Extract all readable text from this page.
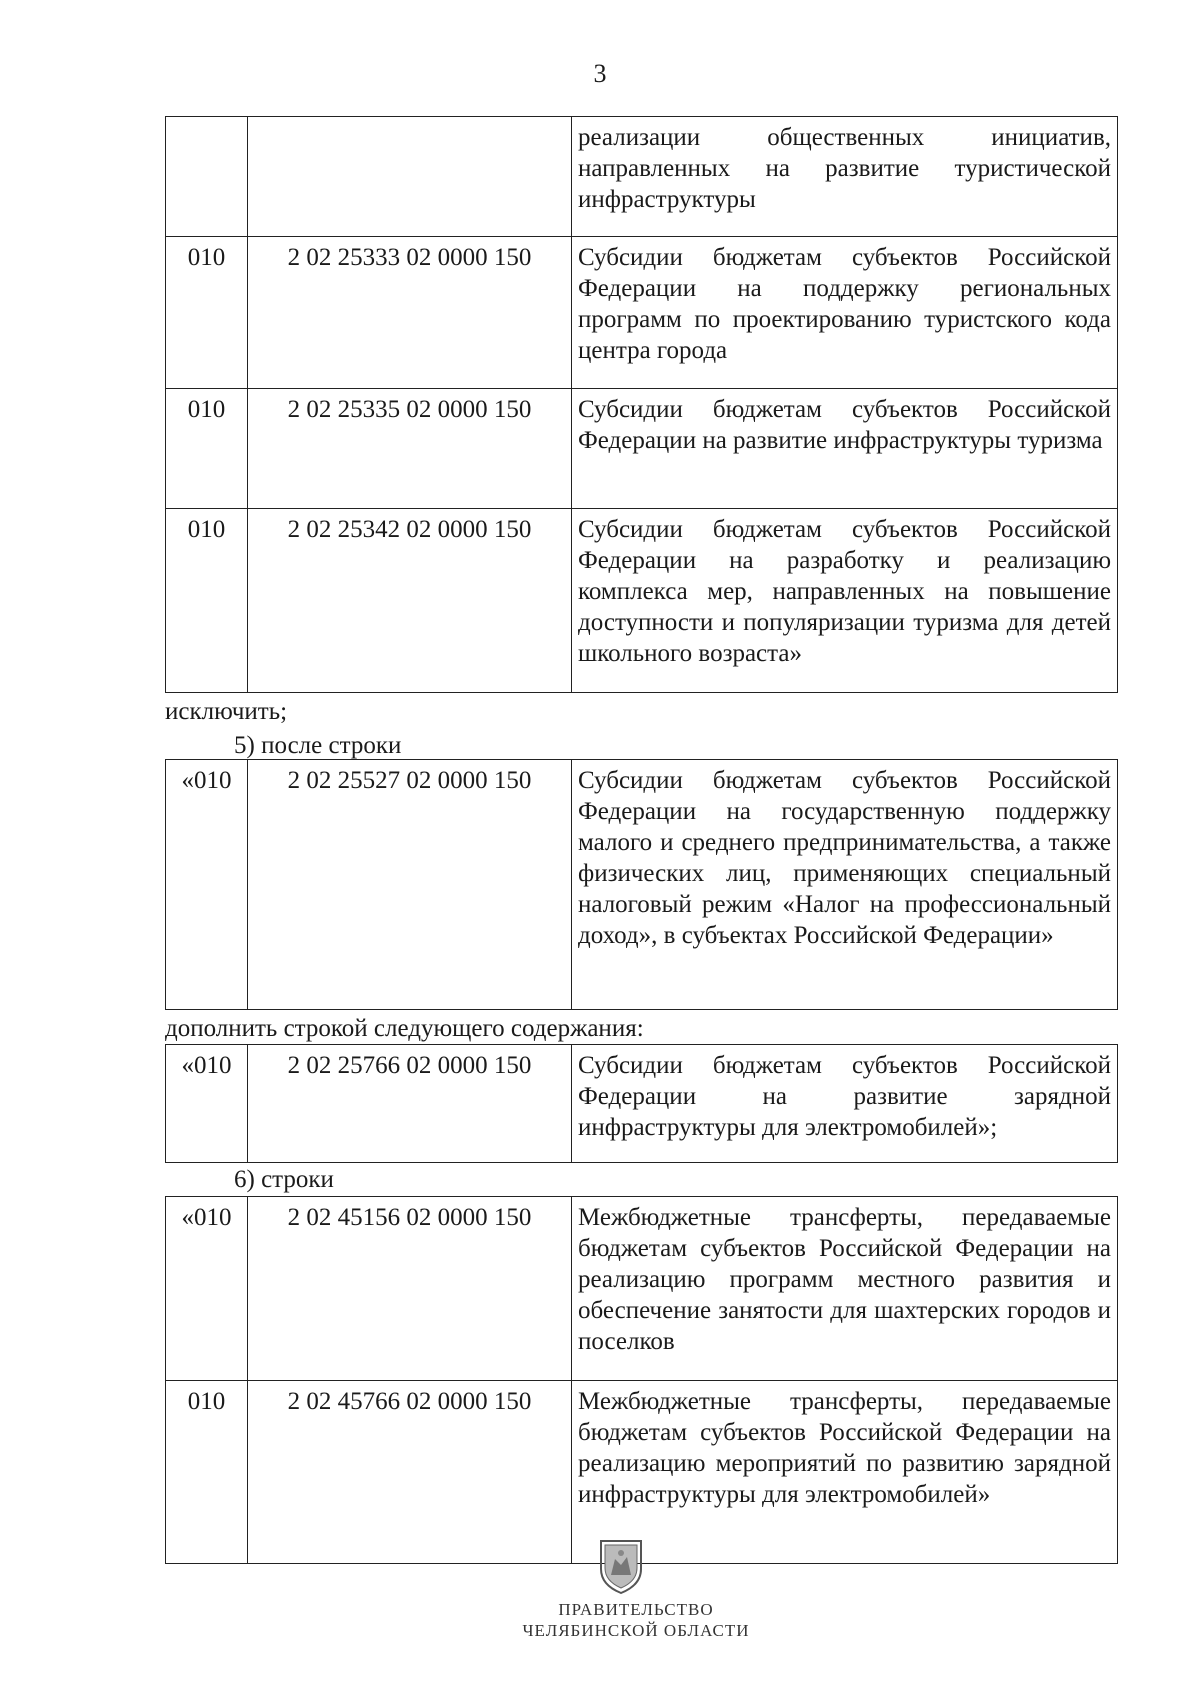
3
		реализации общественных инициатив, направленных на развитие туристической инфраструктуры
010	2 02 25333 02 0000 150	Субсидии бюджетам субъектов Российской Федерации на поддержку региональных программ по проектированию туристского кода центра города
010	2 02 25335 02 0000 150	Субсидии бюджетам субъектов Российской Федерации на развитие инфраструктуры туризма
010	2 02 25342 02 0000 150	Субсидии бюджетам субъектов Российской Федерации на разработку и реализацию комплекса мер, направленных на повышение доступности и популяризации туризма для детей школьного возраста»
исключить;
5) после строки
«010	2 02 25527 02 0000 150	Субсидии бюджетам субъектов Российской Федерации на государственную поддержку малого и среднего предпринимательства, а также физических лиц, применяющих специальный налоговый режим «Налог на профессиональный доход», в субъектах Российской Федерации»
дополнить строкой следующего содержания:
«010	2 02 25766 02 0000 150	Субсидии бюджетам субъектов Российской Федерации на развитие зарядной инфраструктуры для электромобилей»;
6) строки
«010	2 02 45156 02 0000 150	Межбюджетные трансферты, передаваемые бюджетам субъектов Российской Федерации на реализацию программ местного развития и обеспечение занятости для шахтерских городов и поселков
010	2 02 45766 02 0000 150	Межбюджетные трансферты, передаваемые бюджетам субъектов Российской Федерации на реализацию мероприятий по развитию зарядной инфраструктуры для электромобилей»
ПРАВИТЕЛЬСТВО
ЧЕЛЯБИНСКОЙ ОБЛАСТИ
